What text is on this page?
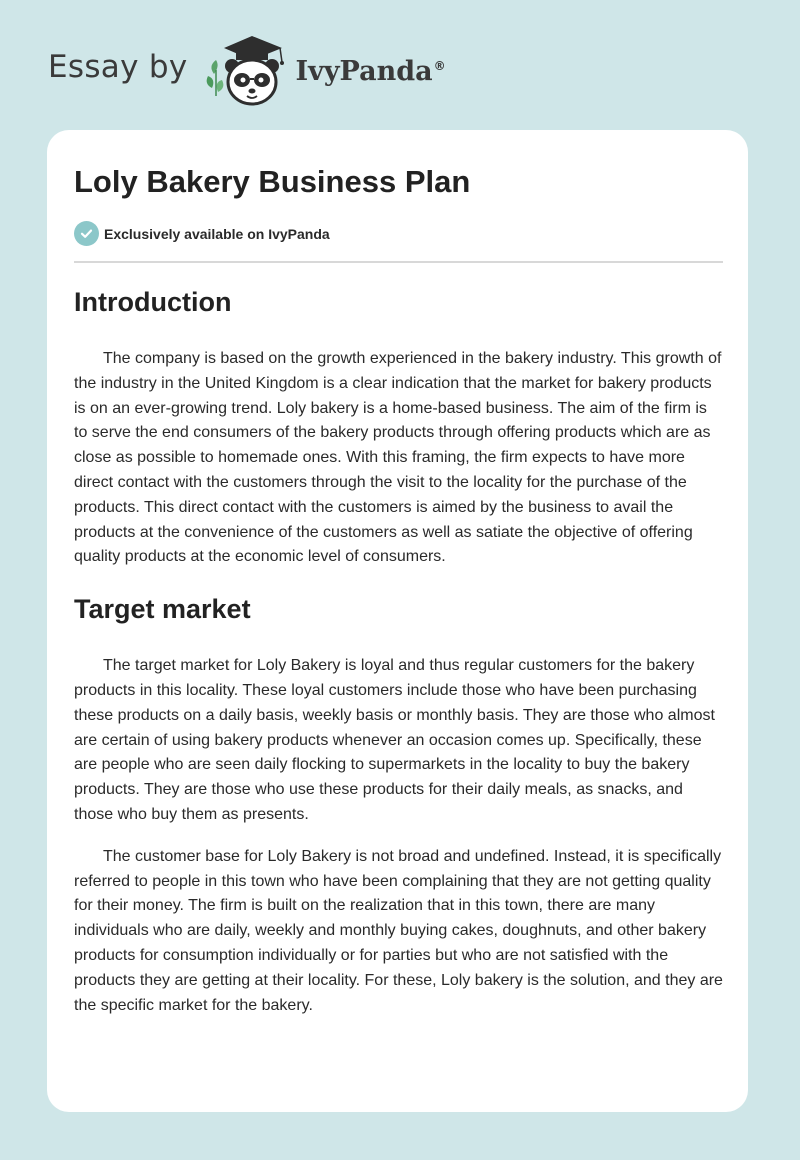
Essay by	IvyPanda®
Loly Bakery Business Plan
Exclusively available on IvyPanda
Introduction

The company is based on the growth experienced in the bakery industry. This growth of the industry in the United Kingdom is a clear indication that the market for bakery products is on an ever-growing trend. Loly bakery is a home-based business. The aim of the firm is to serve the end consumers of the bakery products through offering products which are as close as possible to homemade ones. With this framing, the firm expects to have more direct contact with the customers through the visit to the locality for the purchase of the products. This direct contact with the customers is aimed by the business to avail the products at the convenience of the customers as well as satiate the objective of offering quality products at the economic level of consumers.

Target market

The target market for Loly Bakery is loyal and thus regular customers for the bakery products in this locality. These loyal customers include those who have been purchasing these products on a daily basis, weekly basis or monthly basis. They are those who almost are certain of using bakery products whenever an occasion comes up. Specifically, these are people who are seen daily flocking to supermarkets in the locality to buy the bakery products. They are those who use these products for their daily meals, as snacks, and those who buy them as presents.

The customer base for Loly Bakery is not broad and undefined. Instead, it is specifically referred to people in this town who have been complaining that they are not getting quality for their money. The firm is built on the realization that in this town, there are many individuals who are daily, weekly and monthly buying cakes, doughnuts, and other bakery products for consumption individually or for parties but who are not satisfied with the products they are getting at their locality. For these, Loly bakery is the solution, and they are the specific market for the bakery.
